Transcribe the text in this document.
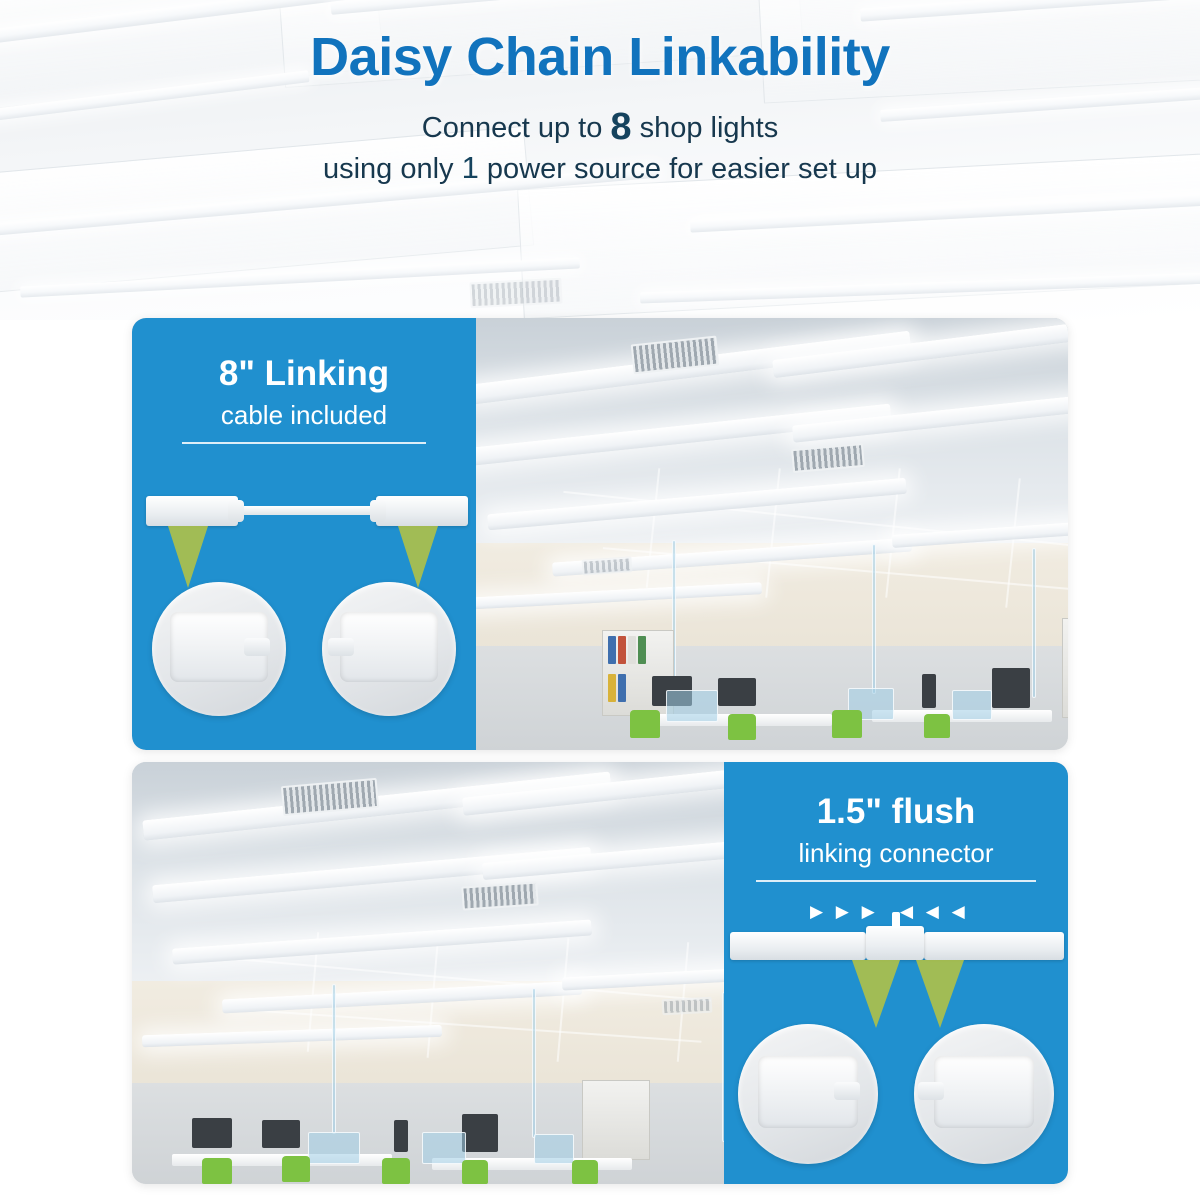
Daisy Chain Linkability
Connect up to 8 shop lights
using only 1 power source for easier set up
8" Linking
cable included
1.5" flush
linking connector
▶ ▶ ▶ ◀ ◀ ◀
